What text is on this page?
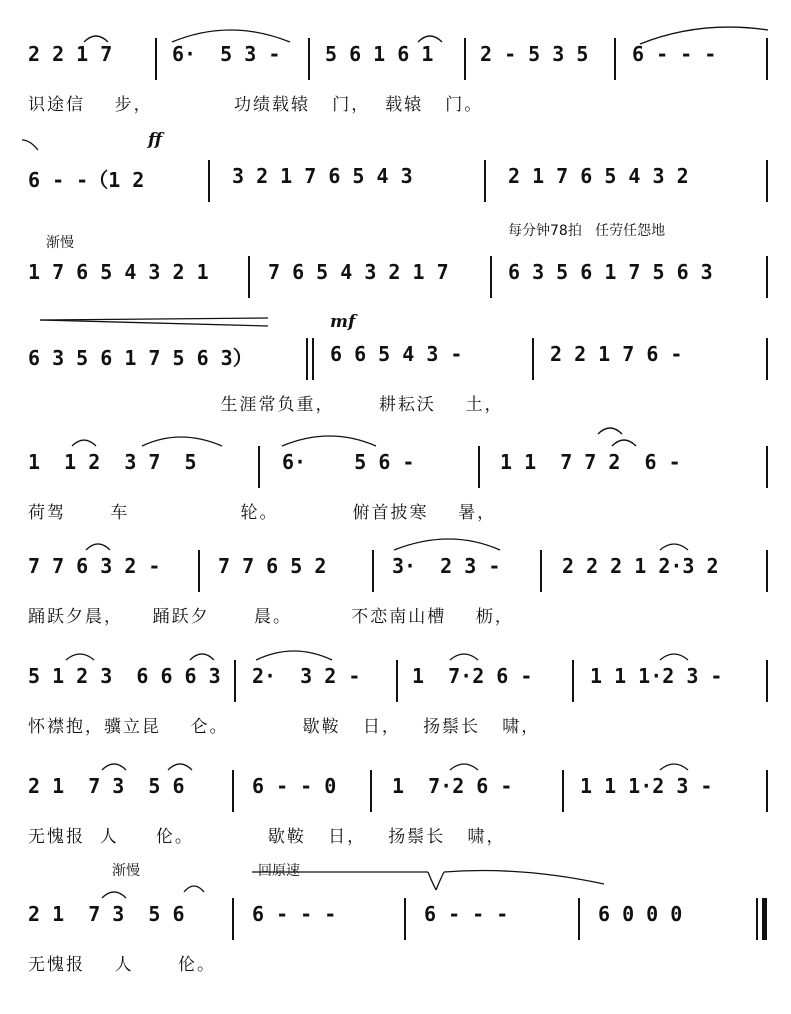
2 2 1 7	6·  5 3 - 5 6 1 6 1 2 - 5 3 5 6 - - -
识途信    步，           功绩载辕   门，  载辕   门。
ff
6 - -（1 2	3 2 1 7 6 5 4 3	2 1 7 6 5 4 3 2
渐慢
每分钟78拍   任劳任怨地
1 7 6 5 4 3 2 1	7 6 5 4 3 2 1 7	6 3 5 6 1 7 5 6 3
mf
6 3 5 6 1 7 5 6 3）	6 6 5 4 3 -	2 2 1 7 6 -
生涯常负重，      耕耘沃    土，
1  1 2  3 7  5	6·    5 6 -	1 1  7 7 2  6 -
荷驾      车               轮。          俯首披寒    暑，
7 7 6 3 2 -	7 7 6 5 2	3·  2 3 -	2 2 2 1 2·3 2
踊跃夕晨，    踊跃夕      晨。        不恋南山槽    枥，
5 1 2 3  6 6 6 3 2·  3 2 -	1  7·2 6 -	1 1 1·2 3 -
怀襟抱，骥立昆    仑。          歇鞍   日，   扬鬃长   啸，
2 1  7 3  5 6	6 - - 0	1  7·2 6 -	1 1 1·2 3 -
无愧报  人     伦。          歇鞍   日，   扬鬃长   啸，
渐慢	回原速
2 1  7 3  5 6	6 - - -	6 - - -	6 0 0 0
无愧报    人      伦。
